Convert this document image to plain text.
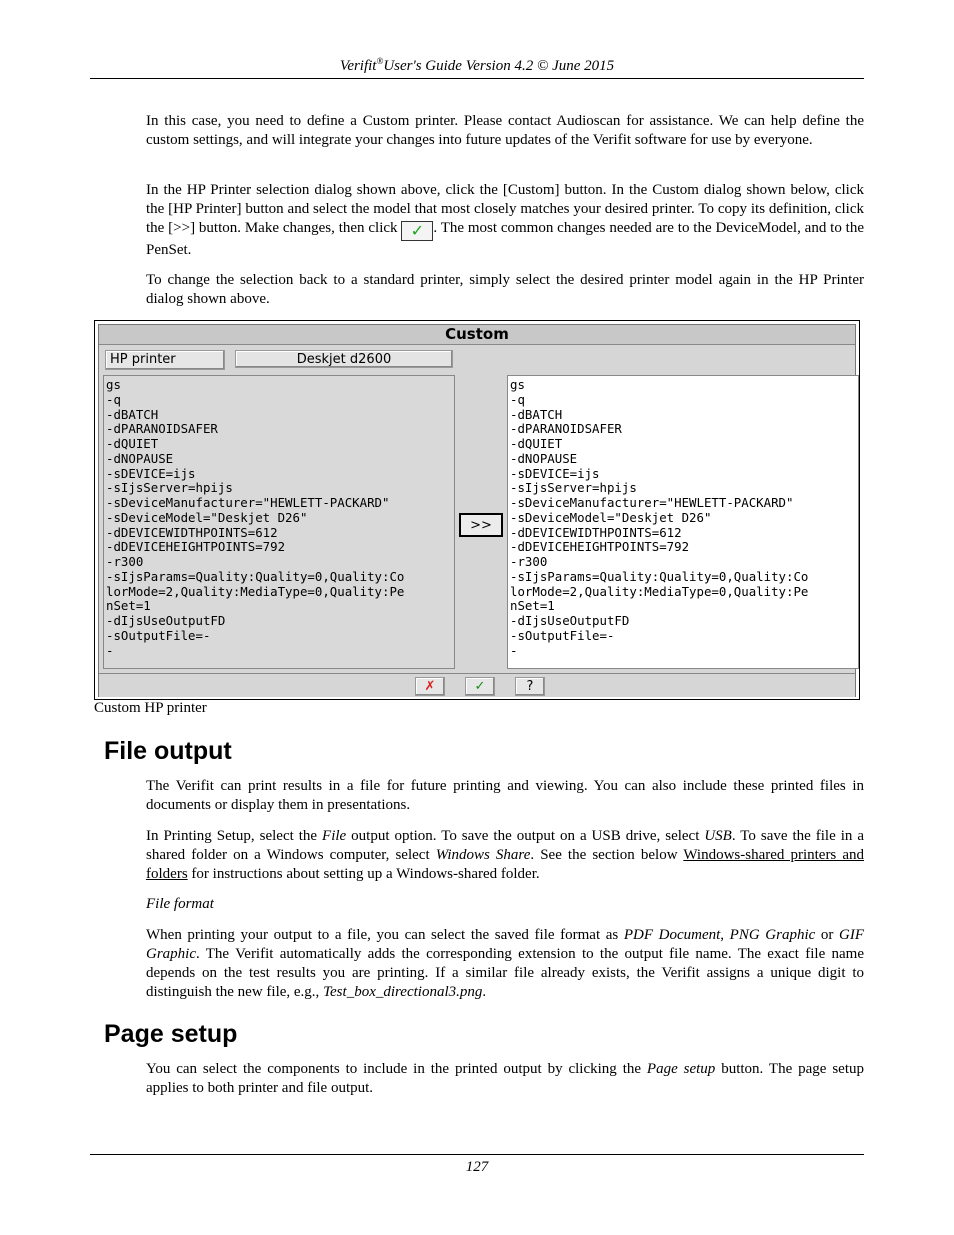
Verifit®User's Guide Version 4.2 © June 2015

In this case, you need to define a Custom printer. Please contact Audioscan for assistance. We can help define the custom settings, and will integrate your changes into future updates of the Verifit software for use by everyone.

In the HP Printer selection dialog shown above, click the [Custom] button. In the Custom dialog shown below, click the [HP Printer] button and select the model that most closely matches your desired printer. To copy its definition, click the [>>] button. Make changes, then click ✓ . The most common changes needed are to the DeviceModel, and to the PenSet.

To change the selection back to a standard printer, simply select the desired printer model again in the HP Printer dialog shown above.

Custom
HP printer	Deskjet d2600
gs
-q
-dBATCH
-dPARANOIDSAFER
-dQUIET
-dNOPAUSE
-sDEVICE=ijs
-sIjsServer=hpijs
-sDeviceManufacturer="HEWLETT-PACKARD"
-sDeviceModel="Deskjet D26"
-dDEVICEWIDTHPOINTS=612
-dDEVICEHEIGHTPOINTS=792
-r300
-sIjsParams=Quality:Quality=0,Quality:Co
lorMode=2,Quality:MediaType=0,Quality:Pe
nSet=1
-dIjsUseOutputFD
-sOutputFile=-
-
>>
gs
-q
-dBATCH
-dPARANOIDSAFER
-dQUIET
-dNOPAUSE
-sDEVICE=ijs
-sIjsServer=hpijs
-sDeviceManufacturer="HEWLETT-PACKARD"
-sDeviceModel="Deskjet D26"
-dDEVICEWIDTHPOINTS=612
-dDEVICEHEIGHTPOINTS=792
-r300
-sIjsParams=Quality:Quality=0,Quality:Co
lorMode=2,Quality:MediaType=0,Quality:Pe
nSet=1
-dIjsUseOutputFD
-sOutputFile=-
-
✗	✓	?
Custom HP printer
File output

The Verifit can print results in a file for future printing and viewing. You can also include these printed files in documents or display them in presentations.

In Printing Setup, select the File output option. To save the output on a USB drive, select USB. To save the file in a shared folder on a Windows computer, select Windows Share. See the section below Windows-shared printers and folders for instructions about setting up a Windows-shared folder.

File format

When printing your output to a file, you can select the saved file format as PDF Document, PNG Graphic or GIF Graphic. The Verifit automatically adds the corresponding extension to the output file name. The exact file name depends on the test results you are printing. If a similar file already exists, the Verifit assigns a unique digit to distinguish the new file, e.g., Test_box_directional3.png.

Page setup

You can select the components to include in the printed output by clicking the Page setup button. The page setup applies to both printer and file output.

127
